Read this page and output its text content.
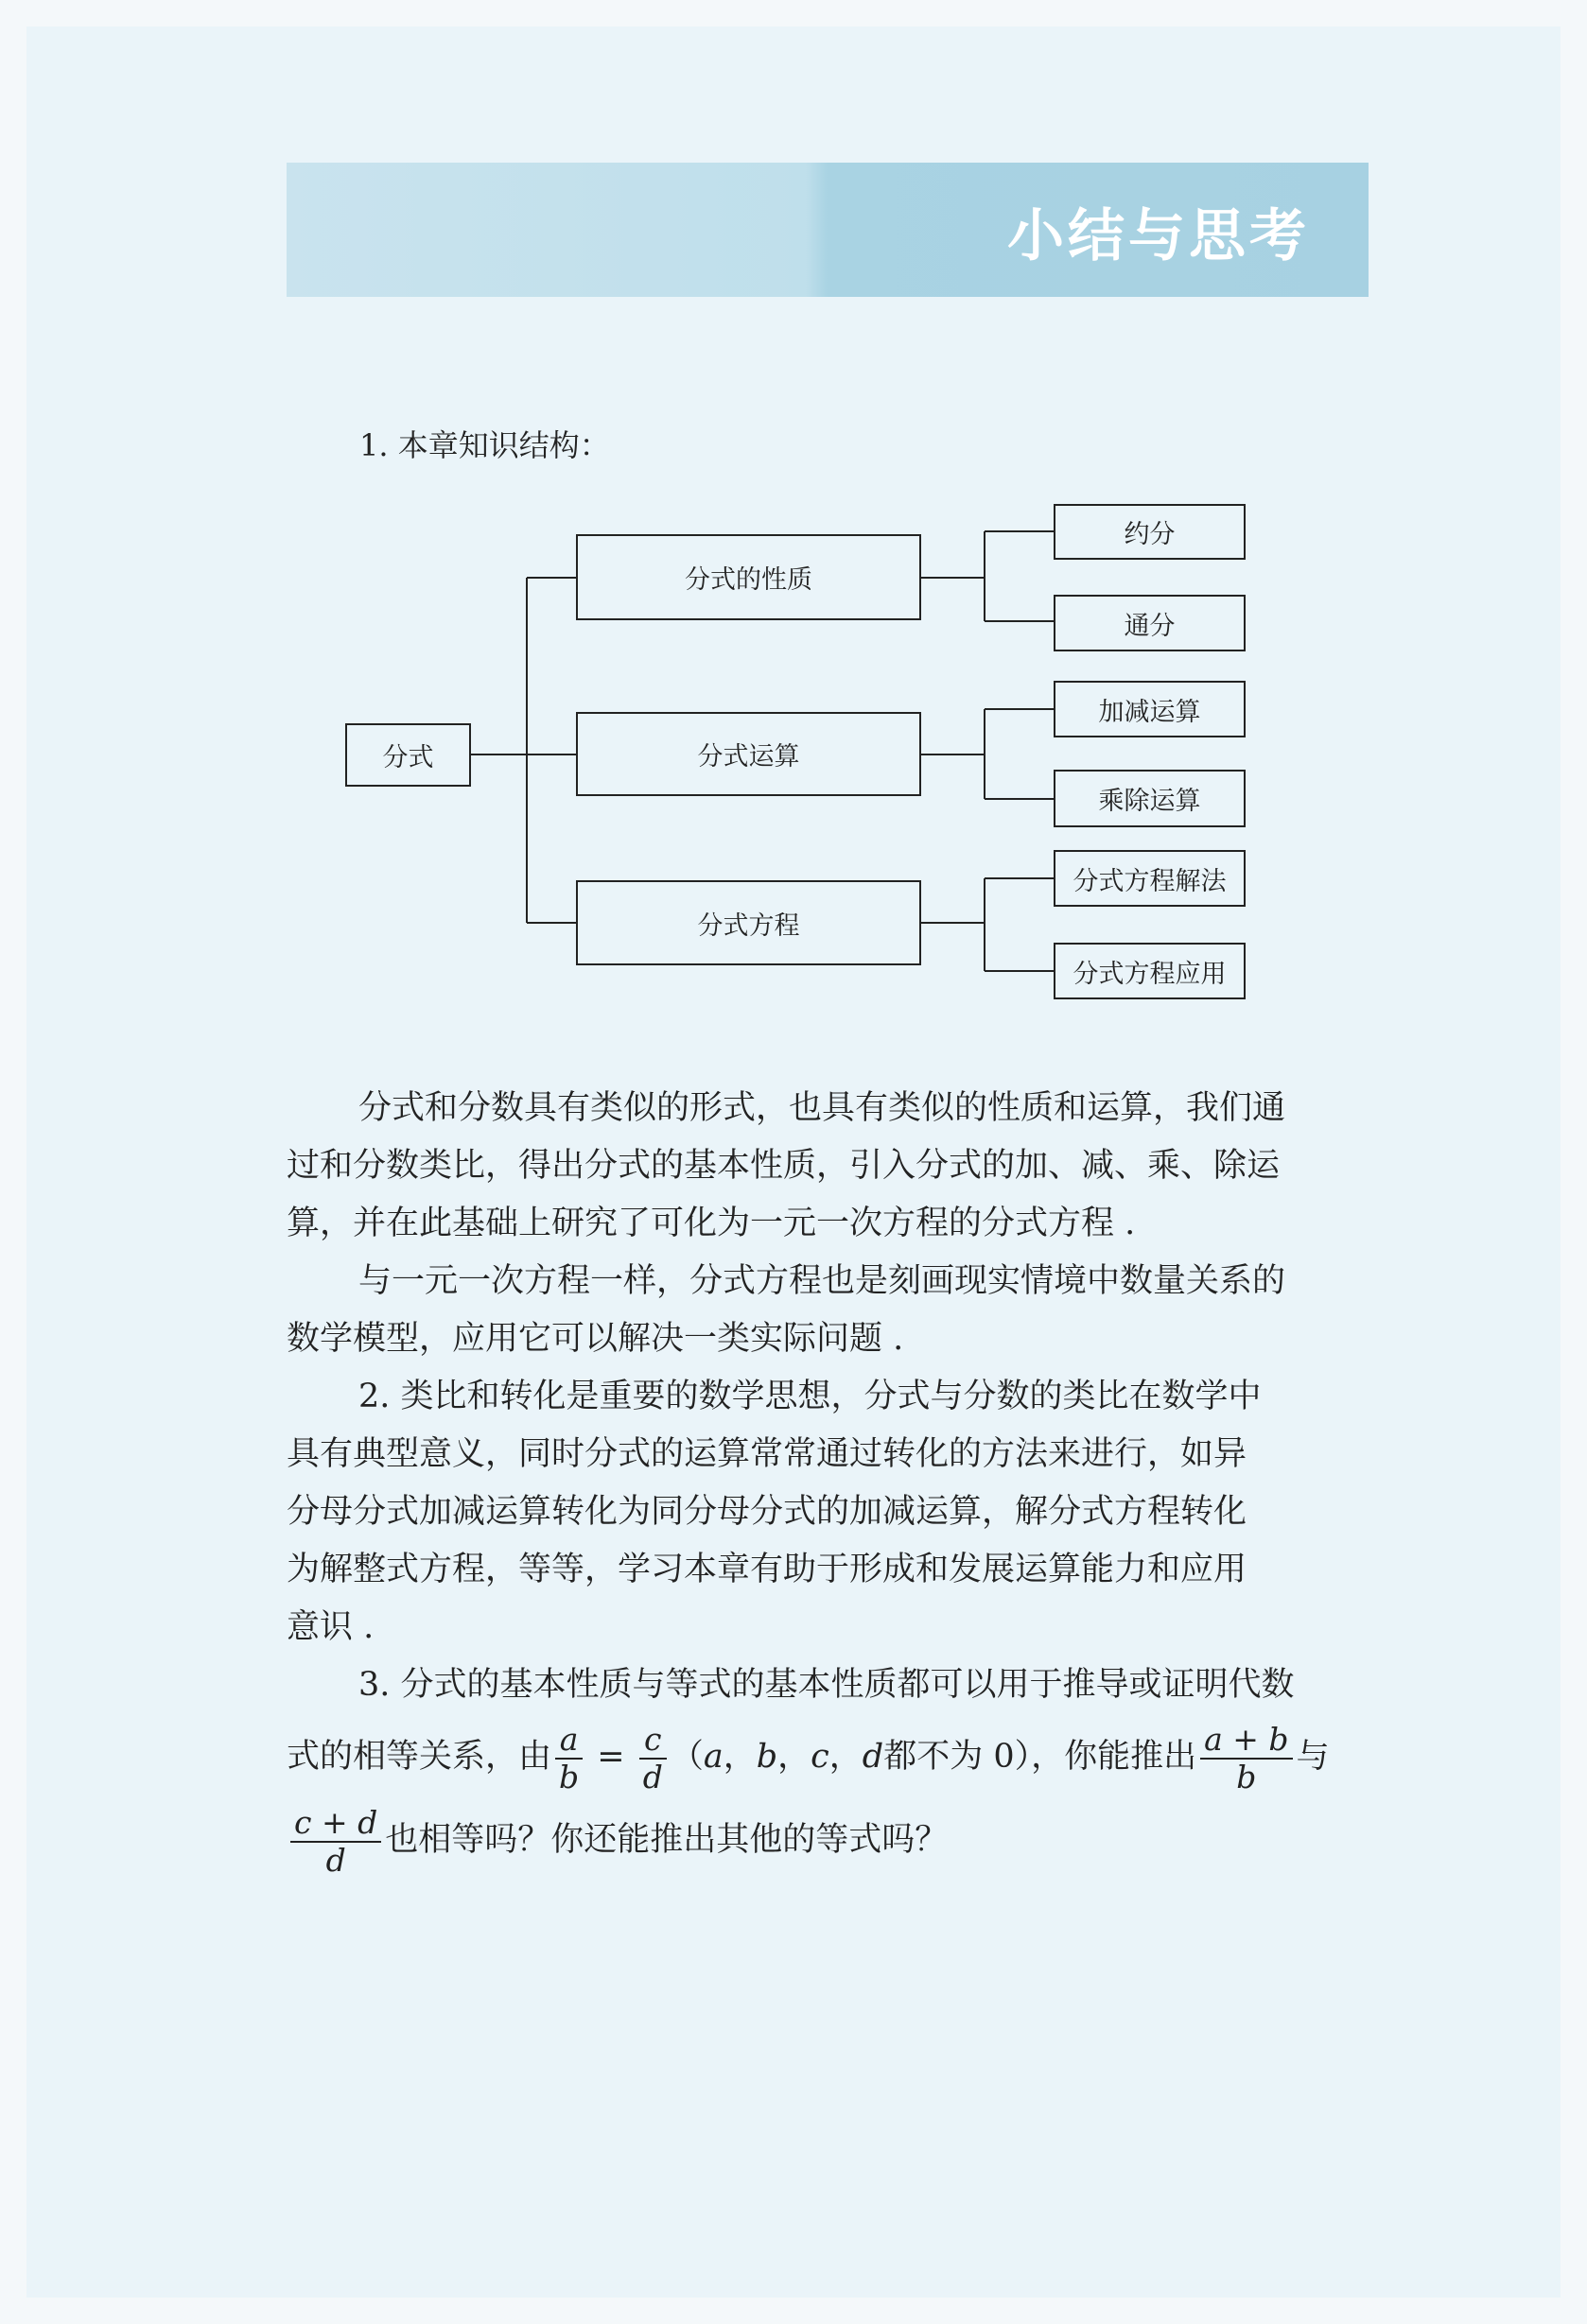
小结与思考
1. 本章知识结构：
分式
分式的性质
分式运算
分式方程
约分
通分
加减运算
乘除运算
分式方程解法
分式方程应用
分式和分数具有类似的形式，也具有类似的性质和运算，我们通
过和分数类比，得出分式的基本性质，引入分式的加、减、乘、除运
算，并在此基础上研究了可化为一元一次方程的分式方程 .
与一元一次方程一样，分式方程也是刻画现实情境中数量关系的
数学模型，应用它可以解决一类实际问题 .
2. 类比和转化是重要的数学思想，分式与分数的类比在数学中
具有典型意义，同时分式的运算常常通过转化的方法来进行，如异
分母分式加减运算转化为同分母分式的加减运算，解分式方程转化
为解整式方程，等等，学习本章有助于形成和发展运算能力和应用
意识 .
3. 分式的基本性质与等式的基本性质都可以用于推导或证明代数
式的相等关系，由 $\frac{a}{b} = \frac{c}{d} (a$，b，c，d都不为 0），你能推出 $\frac{a + b}{b}$ 与
$\frac{c + d}{d}$ 也相等吗？你还能推出其他的等式吗？
